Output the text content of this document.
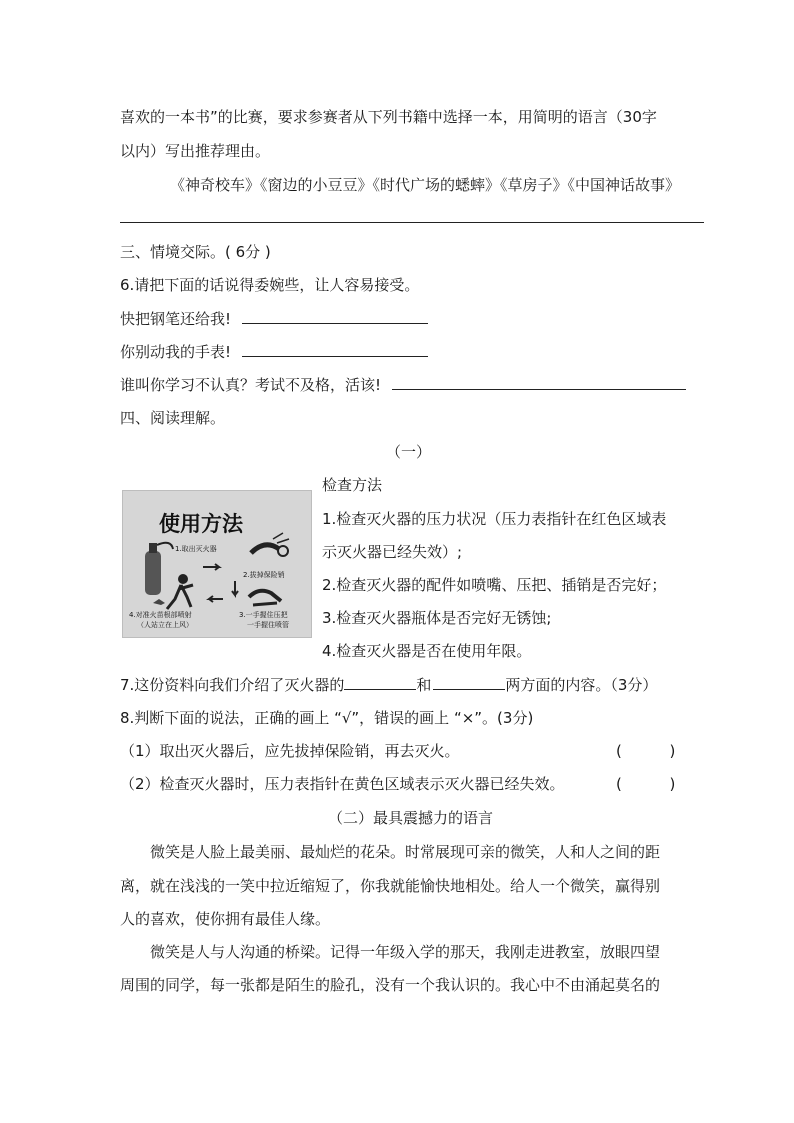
喜欢的一本书”的比赛，要求参赛者从下列书籍中选择一本，用简明的语言（30字
以内）写出推荐理由。
《神奇校车》《窗边的小豆豆》《时代广场的蟋蟀》《草房子》《中国神话故事》
三、情境交际。( 6分 )
6.请把下面的话说得委婉些，让人容易接受。
快把钢笔还给我!
你别动我的手表!
谁叫你学习不认真？考试不及格，活该!
四、阅读理解。
（一）
使用方法
1.取出灭火器
2.拔掉保险销
4.对准火苗根部喷射
（人站立在上风）
3.一手握住压把
一手握住喷管
检查方法
1.检查灭火器的压力状况（压力表指针在红色区域表
示灭火器已经失效）;
2.检查灭火器的配件如喷嘴、压把、插销是否完好；
3.检查灭火器瓶体是否完好无锈蚀;
4.检查灭火器是否在使用年限。
7.这份资料向我们介绍了灭火器的	和	两方面的内容。（3分）
8.判断下面的说法，正确的画上 “√”，错误的画上 “×”。(3分)
（1）取出灭火器后，应先拔掉保险销，再去灭火。	(          )
（2）检查灭火器时，压力表指针在黄色区域表示灭火器已经失效。	(          )
（二）最具震撼力的语言
微笑是人脸上最美丽、最灿烂的花朵。时常展现可亲的微笑，人和人之间的距
离，就在浅浅的一笑中拉近缩短了，你我就能愉快地相处。给人一个微笑，赢得别
人的喜欢，使你拥有最佳人缘。
微笑是人与人沟通的桥梁。记得一年级入学的那天，我刚走进教室，放眼四望
周围的同学，每一张都是陌生的脸孔，没有一个我认识的。我心中不由涌起莫名的
